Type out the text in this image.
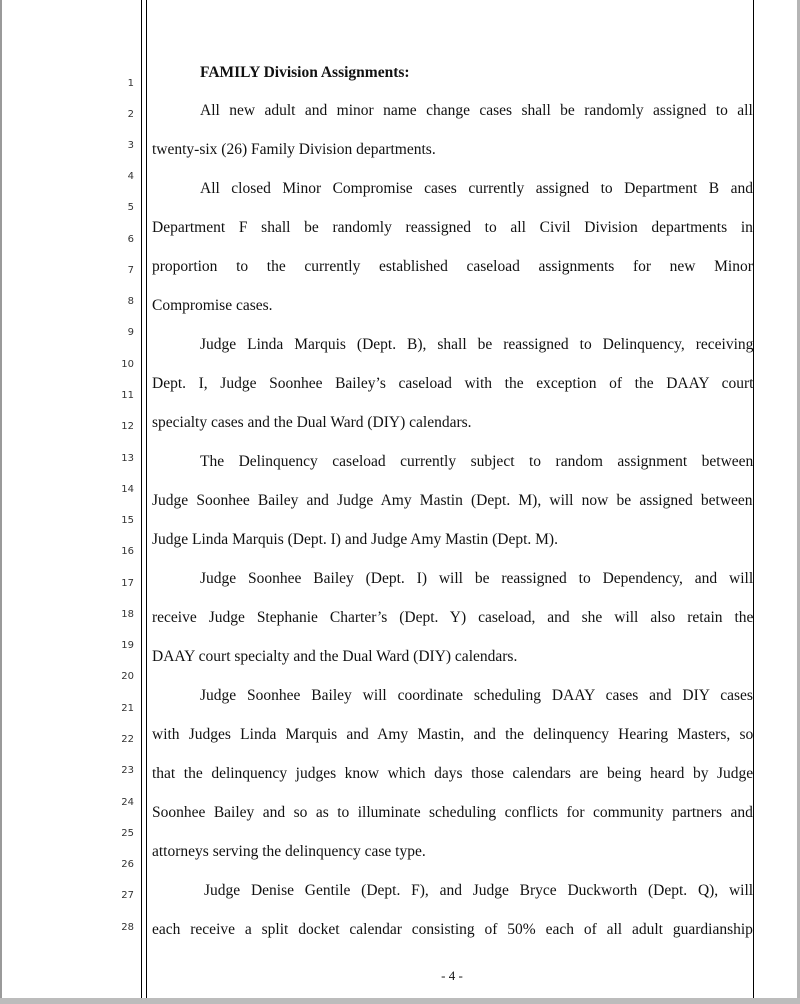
1
2
3
4
5
6
7
8
9
10
11
12
13
14
15
16
17
18
19
20
21
22
23
24
25
26
27
28
FAMILY Division Assignments:
All new adult and minor name change cases shall be randomly assigned to all
twenty-six (26) Family Division departments.
All closed Minor Compromise cases currently assigned to Department B and
Department F shall be randomly reassigned to all Civil Division departments in
proportion to the currently established caseload assignments for new Minor
Compromise cases.
Judge Linda Marquis (Dept. B), shall be reassigned to Delinquency, receiving
Dept. I, Judge Soonhee Bailey’s caseload with the exception of the DAAY court
specialty cases and the Dual Ward (DIY) calendars.
The Delinquency caseload currently subject to random assignment between
Judge Soonhee Bailey and Judge Amy Mastin (Dept. M), will now be assigned between
Judge Linda Marquis (Dept. I) and Judge Amy Mastin (Dept. M).
Judge Soonhee Bailey (Dept. I) will be reassigned to Dependency, and will
receive Judge Stephanie Charter’s (Dept. Y) caseload, and she will also retain the
DAAY court specialty and the Dual Ward (DIY) calendars.
Judge Soonhee Bailey will coordinate scheduling DAAY cases and DIY cases
with Judges Linda Marquis and Amy Mastin, and the delinquency Hearing Masters, so
that the delinquency judges know which days those calendars are being heard by Judge
Soonhee Bailey and so as to illuminate scheduling conflicts for community partners and
attorneys serving the delinquency case type.
Judge Denise Gentile (Dept. F), and Judge Bryce Duckworth (Dept. Q), will
each receive a split docket calendar consisting of 50% each of all adult guardianship
- 4 -
